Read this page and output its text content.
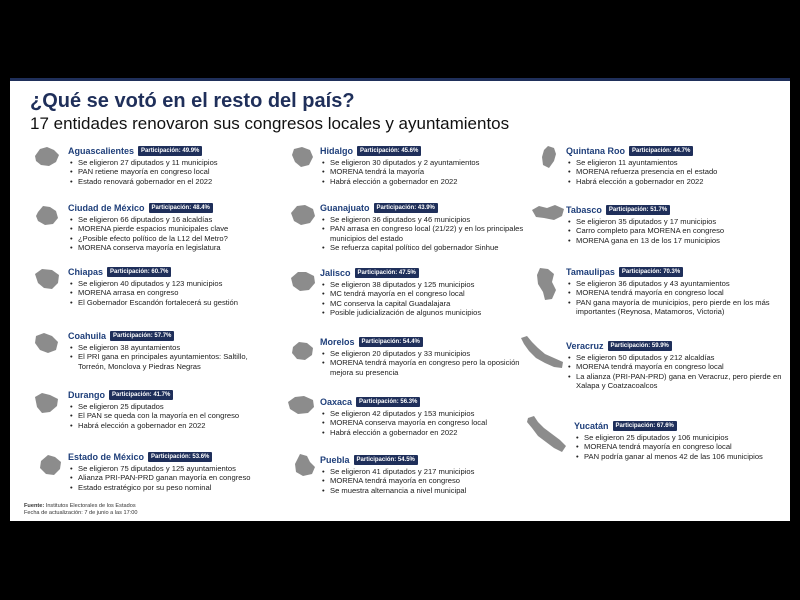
¿Qué se votó en el resto del país?
17 entidades renovaron sus congresos locales y ayuntamientos
Aguascalientes	Participación: 49.9%
• Se eligieron 27 diputados y 11 municipios
• PAN retiene mayoría en congreso local
• Estado renovará gobernador en el 2022
Ciudad de México	Participación: 48.4%
• Se eligieron 66 diputados y 16 alcaldías
• MORENA pierde espacios municipales clave
• ¿Posible efecto político de la L12 del Metro?
• MORENA conserva mayoría en legislatura
Chiapas	Participación: 60.7%
• Se eligieron 40 diputados y 123 municipios
• MORENA arrasa en congreso
• El Gobernador Escandón fortalecerá su gestión
Coahuila	Participación: 57.7%
• Se eligieron 38 ayuntamientos
• El PRI gana en principales ayuntamientos: Saltillo, Torreón, Monclova y Piedras Negras
Durango	Participación: 41.7%
• Se eligieron 25 diputados
• El PAN se queda con la mayoría en el congreso
• Habrá elección a gobernador en 2022
Estado de México	Participación: 53.6%
• Se eligieron 75 diputados y 125 ayuntamientos
• Alianza PRI-PAN-PRD ganan mayoría en congreso
• Estado estratégico por su peso nominal
Hidalgo	Participación: 45.6%
• Se eligieron 30 diputados y 2 ayuntamientos
• MORENA tendrá la mayoría
• Habrá elección a gobernador en 2022
Guanajuato	Participación: 43.9%
• Se eligieron 36 diputados y 46 municipios
• PAN arrasa en congreso local (21/22) y en los principales municipios del estado
• Se refuerza capital político del gobernador Sinhue
Jalisco	Participación: 47.5%
• Se eligieron 38 diputados y 125 municipios
• MC tendrá mayoría en el congreso local
• MC conserva la capital Guadalajara
• Posible judicialización de algunos municipios
Morelos	Participación: 54.4%
• Se eligieron 20 diputados y 33 municipios
• MORENA tendrá mayoría en congreso pero la oposición mejora su presencia
Oaxaca	Participación: 56.3%
• Se eligieron 42 diputados y 153 municipios
• MORENA conserva mayoría en congreso local
• Habrá elección a gobernador en 2022
Puebla	Participación: 54.5%
• Se eligieron 41 diputados y 217 municipios
• MORENA tendrá mayoría en congreso
• Se muestra alternancia a nivel municipal
Quintana Roo	Participación: 44.7%
• Se eligieron 11 ayuntamientos
• MORENA refuerza presencia en el estado
• Habrá elección a gobernador en 2022
Tabasco	Participación: 51.7%
• Se eligieron 35 diputados y 17 municipios
• Carro completo para MORENA en congreso
• MORENA gana en 13 de los 17 municipios
Tamaulipas	Participación: 70.3%
• Se eligieron 36 diputados y 43 ayuntamientos
• MORENA tendrá mayoría en congreso local
• PAN gana mayoría de municipios, pero pierde en los más importantes (Reynosa, Matamoros, Victoria)
Veracruz	Participación: 59.9%
• Se eligieron 50 diputados y 212 alcaldías
• MORENA tendrá mayoría en congreso local
• La alianza (PRI-PAN-PRD) gana en Veracruz, pero pierde en Xalapa y Coatzacoalcos
Yucatán	Participación: 67.6%
• Se eligieron 25 diputados y 106 municipios
• MORENA tendrá mayoría en congreso local
• PAN podría ganar al menos 42 de las 106 municipios
Fuente: Institutos Electorales de los Estados
Fecha de actualización: 7 de junio a las 17:00
